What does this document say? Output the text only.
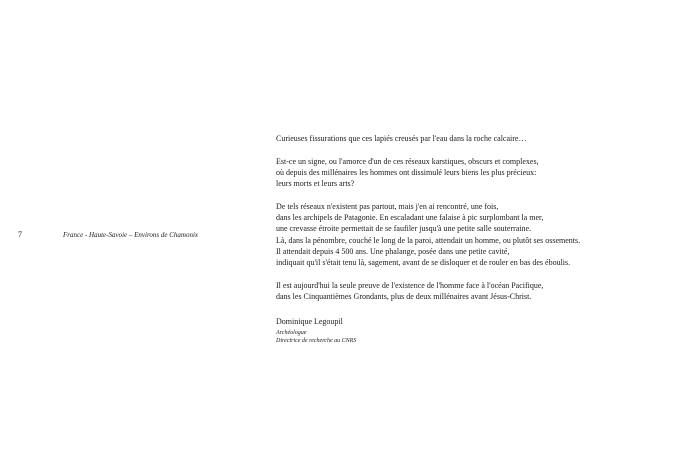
7	France - Haute-Savoie – Environs de Chamonix

Curieuses fissurations que ces lapiés creusés par l'eau dans la roche calcaire…

Est-ce un signe, ou l'amorce d'un de ces réseaux karstiques, obscurs et complexes,
où depuis des millénaires les hommes ont dissimulé leurs biens les plus précieux:
leurs morts et leurs arts?

De tels réseaux n'existent pas partout, mais j'en ai rencontré, une fois,
dans les archipels de Patagonie. En escaladant une falaise à pic surplombant la mer,
une crevasse étroite permettait de se faufiler jusqu'à une petite salle souterraine.
Là, dans la pénombre, couché le long de la paroi, attendait un homme, ou plutôt ses ossements.
Il attendait depuis 4 500 ans. Une phalange, posée dans une petite cavité,
indiquait qu'il s'était tenu là, sagement, avant de se disloquer et de rouler en bas des éboulis.

Il est aujourd'hui la seule preuve de l'existence de l'homme face à l'océan Pacifique,
dans les Cinquantièmes Grondants, plus de deux millénaires avant Jésus-Christ.

Dominique Legoupil
Archéologue
Directrice de recherche au CNRS
